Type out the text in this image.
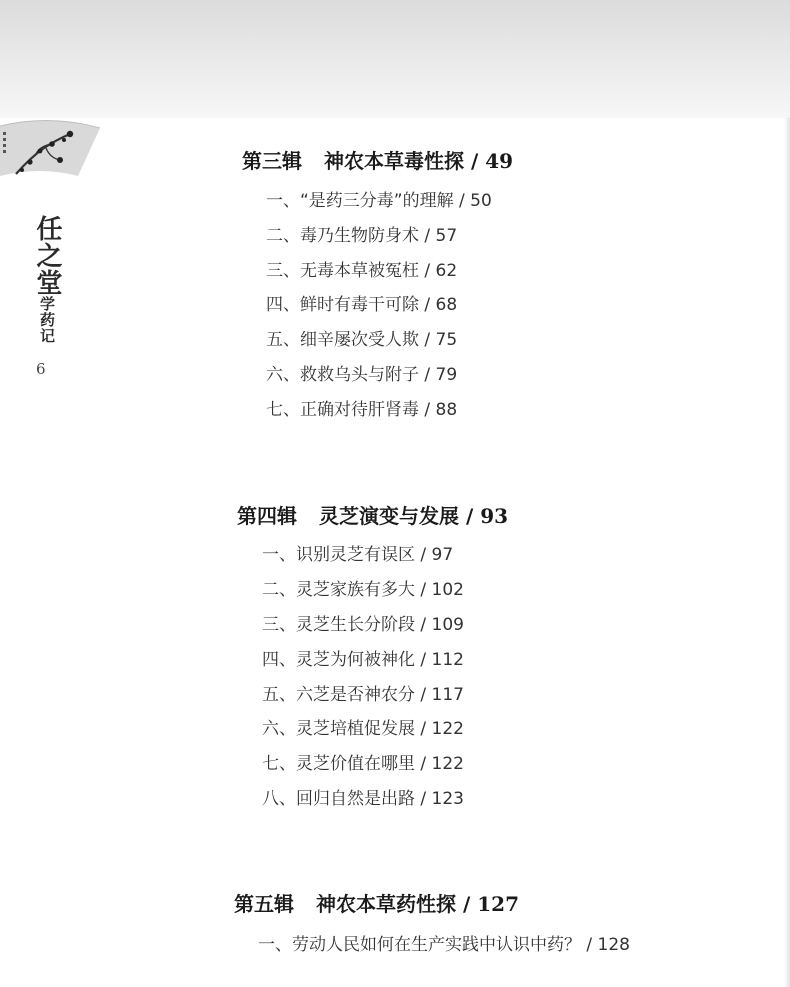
任之堂学药记
6
第三辑 神农本草毒性探 / 49
一、“是药三分毒”的理解 / 50
二、毒乃生物防身术 / 57
三、无毒本草被冤枉 / 62
四、鲜时有毒干可除 / 68
五、细辛屡次受人欺 / 75
六、救救乌头与附子 / 79
七、正确对待肝肾毒 / 88
第四辑 灵芝演变与发展 / 93
一、识别灵芝有误区 / 97
二、灵芝家族有多大 / 102
三、灵芝生长分阶段 / 109
四、灵芝为何被神化 / 112
五、六芝是否神农分 / 117
六、灵芝培植促发展 / 122
七、灵芝价值在哪里 / 122
八、回归自然是出路 / 123
第五辑 神农本草药性探 / 127
一、劳动人民如何在生产实践中认识中药？ / 128
